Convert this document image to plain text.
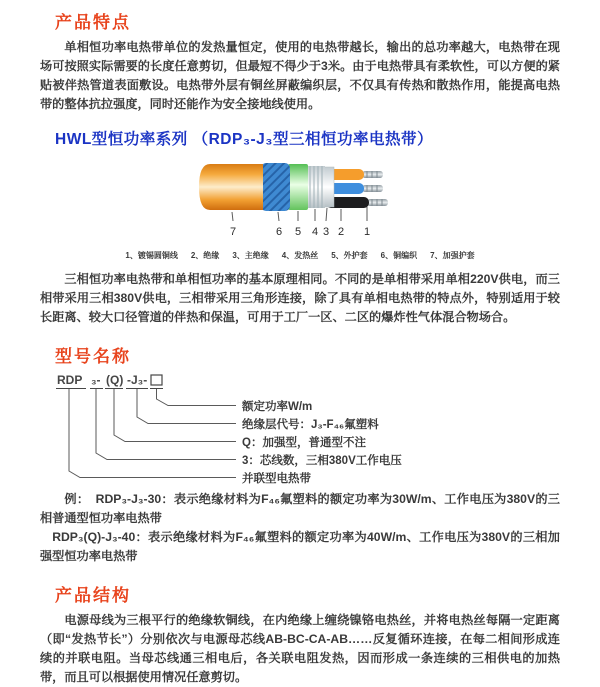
产品特点

单相恒功率电热带单位的发热量恒定，使用的电热带越长，输出的总功率越大，电热带在现场可按照实际需要的长度任意剪切，但最短不得少于3米。由于电热带具有柔软性，可以方便的紧贴被伴热管道表面敷设。电热带外层有铜丝屏蔽编织层，不仅具有传热和散热作用，能提高电热带的整体抗拉强度，同时还能作为安全接地线使用。

HWL型恒功率系列 （RDP₃-J₃型三相恒功率电热带）
7	6 5 4 3 2 1
1、镀锡圆铜线 2、绝缘 3、主绝缘 4、发热丝 5、外护套 6、铜编织 7、加强护套

三相恒功率电热带和单相恒功率的基本原理相同。不同的是单相带采用单相220V供电，而三相带采用三相380V供电，三相带采用三角形连接，除了具有单相电热带的特点外，特别适用于较长距离、较大口径管道的伴热和保温，可用于工厂一区、二区的爆炸性气体混合物场合。

型号名称
RDP ₃- (Q) -J₃-
额定功率W/m
绝缘层代号：J₃-F₄₆氟塑料
Q：加强型，普通型不注
3：芯线数，三相380V工作电压
并联型电热带

例：　RDP₃-J₃-30：表示绝缘材料为F₄₆氟塑料的额定功率为30W/m、工作电压为380V的三相普通型恒功率电热带

RDP₃(Q)-J₃-40：表示绝缘材料为F₄₆氟塑料的额定功率为40W/m、工作电压为380V的三相加强型恒功率电热带

产品结构

电源母线为三根平行的绝缘软铜线，在内绝缘上缠绕镍铬电热丝，并将电热丝每隔一定距离（即“发热节长”）分别依次与电源母芯线AB-BC-CA-AB……反复循环连接，在每二相间形成连续的并联电阻。当母芯线通三相电后，各关联电阻发热，因而形成一条连续的三相供电的加热带，而且可以根据使用情况任意剪切。
